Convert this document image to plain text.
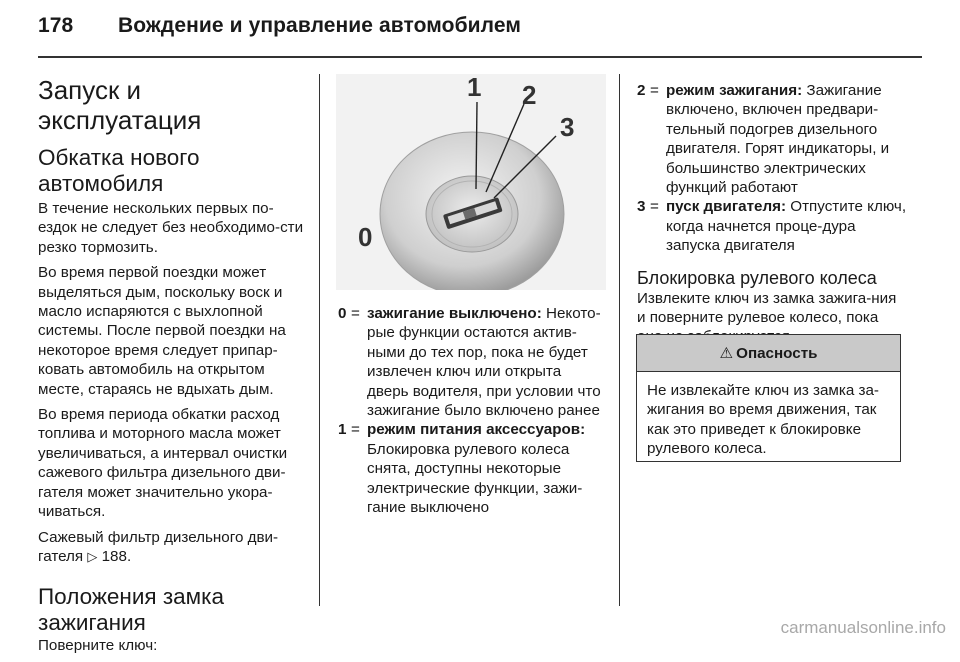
178 Вождение и управление автомобилем
Запуск и эксплуатация
Обкатка нового
автомобиля

В течение нескольких первых по-ездок не следует без необходимо-сти резко тормозить.

Во время первой поездки может выделяться дым, поскольку воск и масло испаряются с выхлопной системы. После первой поездки на некоторое время следует припар-ковать автомобиль на открытом месте, стараясь не вдыхать дым.

Во время периода обкатки расход топлива и моторного масла может увеличиваться, а интервал очистки сажевого фильтра дизельного дви-гателя может значительно укора-чиваться.

Сажевый фильтр дизельного дви-гателя ▷ 188.

Положения замка
зажигания

Поверните ключ:

0
1 2
3
0 = зажигание выключено: Некото-рые функции остаются актив-ными до тех пор, пока не будет извлечен ключ или открыта дверь водителя, при условии что зажигание было включено ранее
1 = режим питания аксессуаров: Блокировка рулевого колеса снята, доступны некоторые электрические функции, зажи-гание выключено
2 = режим зажигания: Зажигание включено, включен предвари-тельный подогрев дизельного двигателя. Горят индикаторы, и большинство электрических функций работают
3 = пуск двигателя: Отпустите ключ, когда начнется проце-дура запуска двигателя
Блокировка рулевого колеса

Извлеките ключ из замка зажига-ния и поверните рулевое колесо, пока

⚠ Опасность
Не извлекайте ключ из замка за-жигания во время движения, так как это приведет к блокировке рулевого колеса.
carmanualsonline.info
